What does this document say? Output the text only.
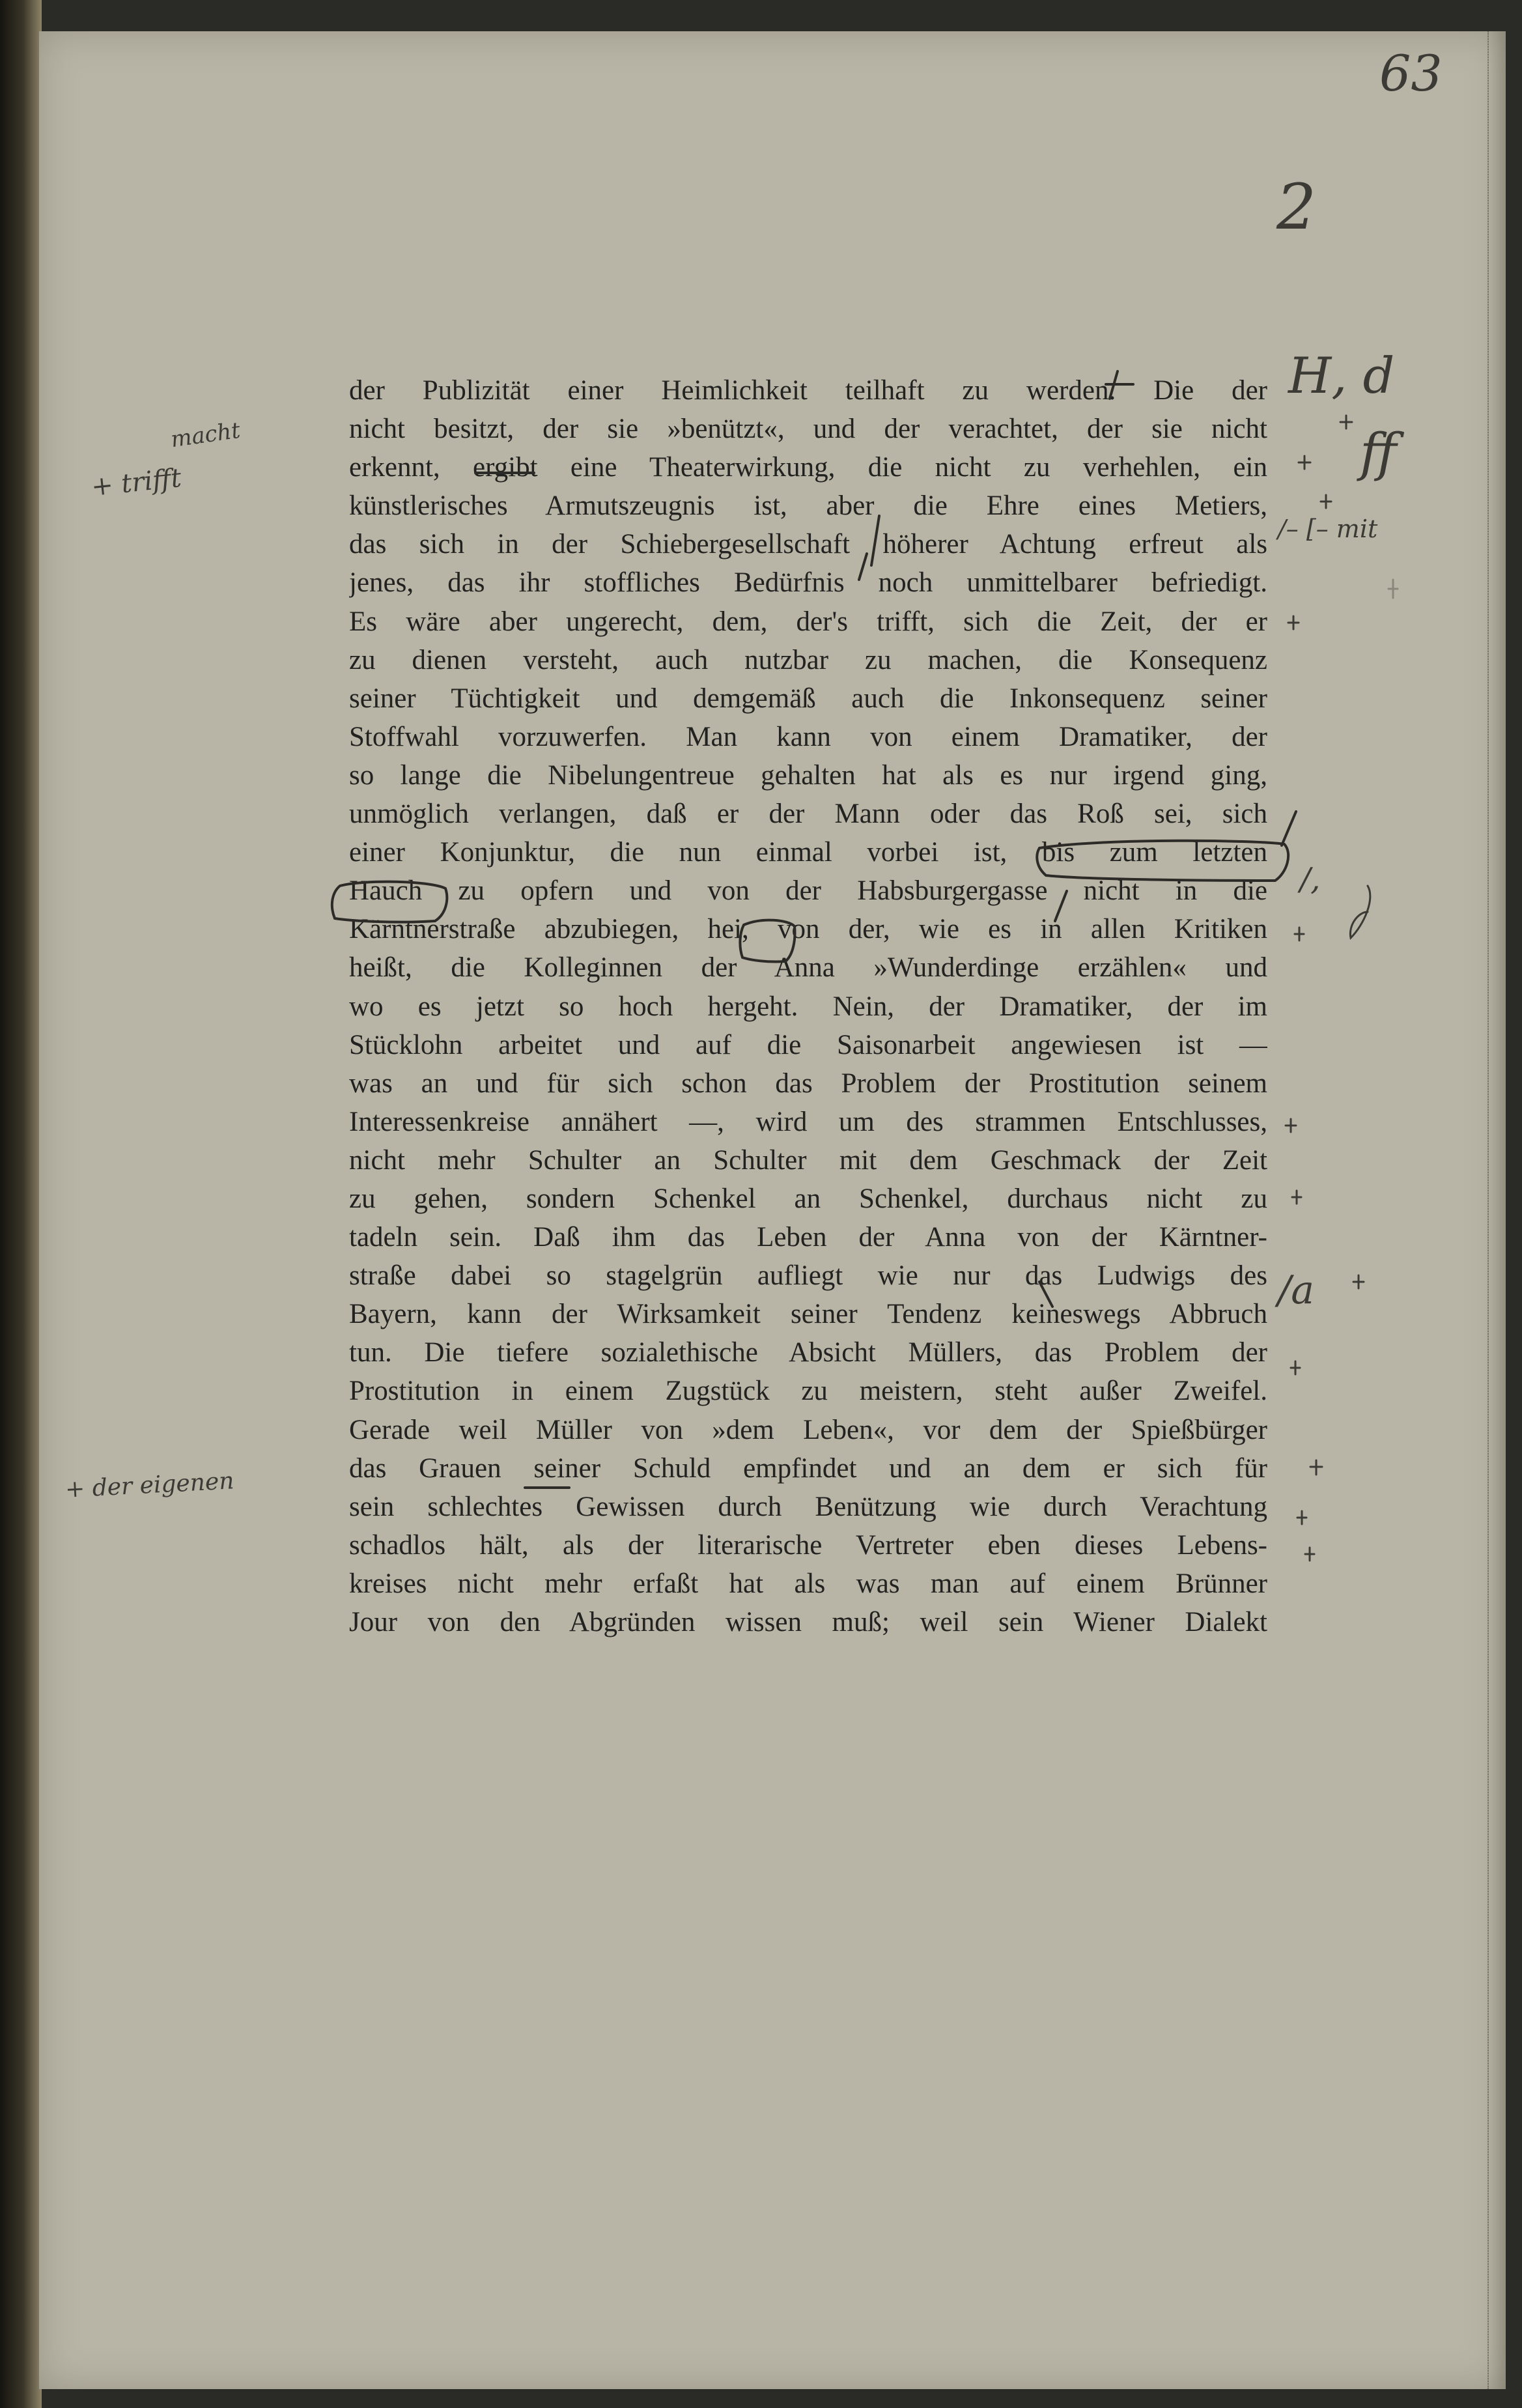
63
2
macht
+ trifft
+ der eigenen
H, d
ff
/– [– mit
/,
/a
der Publizität einer Heimlichkeit teilhaft zu werden. Die der
nicht besitzt, der sie »benützt«, und der verachtet, der sie nicht
erkennt, ergibt eine Theaterwirkung, die nicht zu verhehlen, ein
künstlerisches Armutszeugnis ist, aber die Ehre eines Metiers,
das sich in der Schiebergesellschaft höherer Achtung erfreut als
jenes, das ihr stoffliches Bedürfnis noch unmittelbarer befriedigt.
Es wäre aber ungerecht, dem, der's trifft, sich die Zeit, der er
zu dienen versteht, auch nutzbar zu machen, die Konsequenz
seiner Tüchtigkeit und demgemäß auch die Inkonsequenz seiner
Stoffwahl vorzuwerfen. Man kann von einem Dramatiker, der
so lange die Nibelungentreue gehalten hat als es nur irgend ging,
unmöglich verlangen, daß er der Mann oder das Roß sei, sich
einer Konjunktur, die nun einmal vorbei ist, bis zum letzten
Hauch zu opfern und von der Habsburgergasse nicht in die
Kärntnerstraße abzubiegen, hei, von der, wie es in allen Kritiken
heißt, die Kolleginnen der Anna »Wunderdinge erzählen« und
wo es jetzt so hoch hergeht. Nein, der Dramatiker, der im
Stücklohn arbeitet und auf die Saisonarbeit angewiesen ist —
was an und für sich schon das Problem der Prostitution seinem
Interessenkreise annähert —, wird um des strammen Entschlusses,
nicht mehr Schulter an Schulter mit dem Geschmack der Zeit
zu gehen, sondern Schenkel an Schenkel, durchaus nicht zu
tadeln sein. Daß ihm das Leben der Anna von der Kärntner-
straße dabei so stagelgrün aufliegt wie nur das Ludwigs des
Bayern, kann der Wirksamkeit seiner Tendenz keineswegs Abbruch
tun. Die tiefere sozialethische Absicht Müllers, das Problem der
Prostitution in einem Zugstück zu meistern, steht außer Zweifel.
Gerade weil Müller von »dem Leben«, vor dem der Spießbürger
das Grauen seiner Schuld empfindet und an dem er sich für
sein schlechtes Gewissen durch Benützung wie durch Verachtung
schadlos hält, als der literarische Vertreter eben dieses Lebens-
kreises nicht mehr erfaßt hat als was man auf einem Brünner
Jour von den Abgründen wissen muß; weil sein Wiener Dialekt
